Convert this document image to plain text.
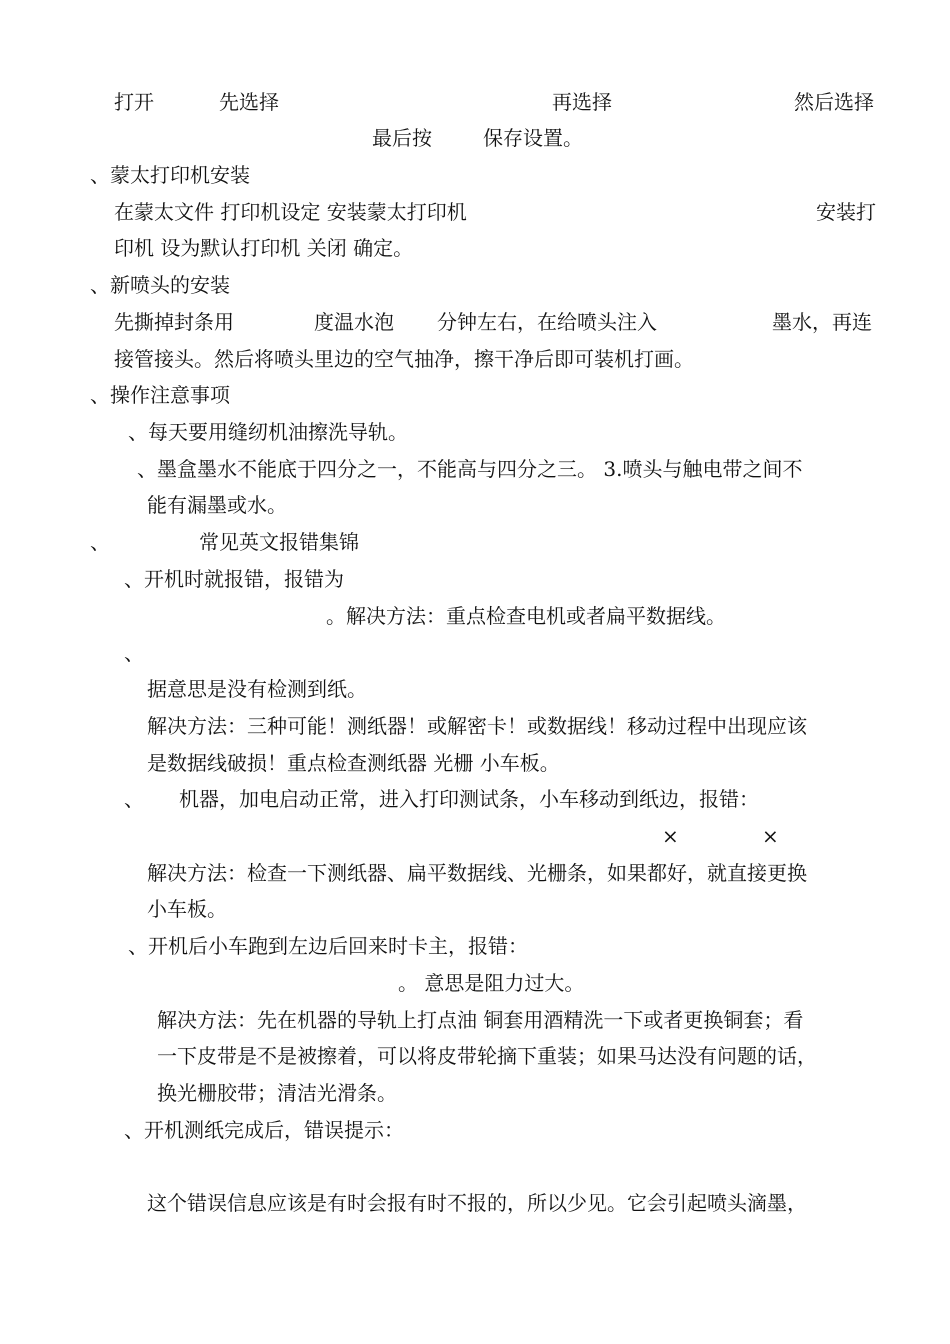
打开	先选择	再选择	然后选择
最后按	保存设置。
、蒙太打印机安装
在蒙太文件 打印机设定 安装蒙太打印机	安装打
印机 设为默认打印机 关闭 确定。
、新喷头的安装
先撕掉封条用	度温水泡 分钟左右，在给喷头注入	墨水，再连
接管接头。然后将喷头里边的空气抽净，擦干净后即可装机打画。
、操作注意事项
、每天要用缝纫机油擦洗导轨。
、墨盒墨水不能底于四分之一，不能高与四分之三。 3.喷头与触电带之间不
能有漏墨或水。
、	常见英文报错集锦
、开机时就报错，报错为
。解决方法：重点检查电机或者扁平数据线。
、
据意思是没有检测到纸。
解决方法：三种可能！测纸器！或解密卡！或数据线！移动过程中出现应该
是数据线破损！重点检查测纸器 光栅 小车板。
、 机器，加电启动正常，进入打印测试条，小车移动到纸边，报错：
×	×
解决方法：检查一下测纸器、扁平数据线、光栅条，如果都好，就直接更换
小车板。
、开机后小车跑到左边后回来时卡主，报错：
。 意思是阻力过大。
解决方法：先在机器的导轨上打点油 铜套用酒精洗一下或者更换铜套；看
一下皮带是不是被擦着，可以将皮带轮摘下重装；如果马达没有问题的话，
换光栅胶带；清洁光滑条。
、开机测纸完成后，错误提示：
这个错误信息应该是有时会报有时不报的，所以少见。它会引起喷头滴墨，
